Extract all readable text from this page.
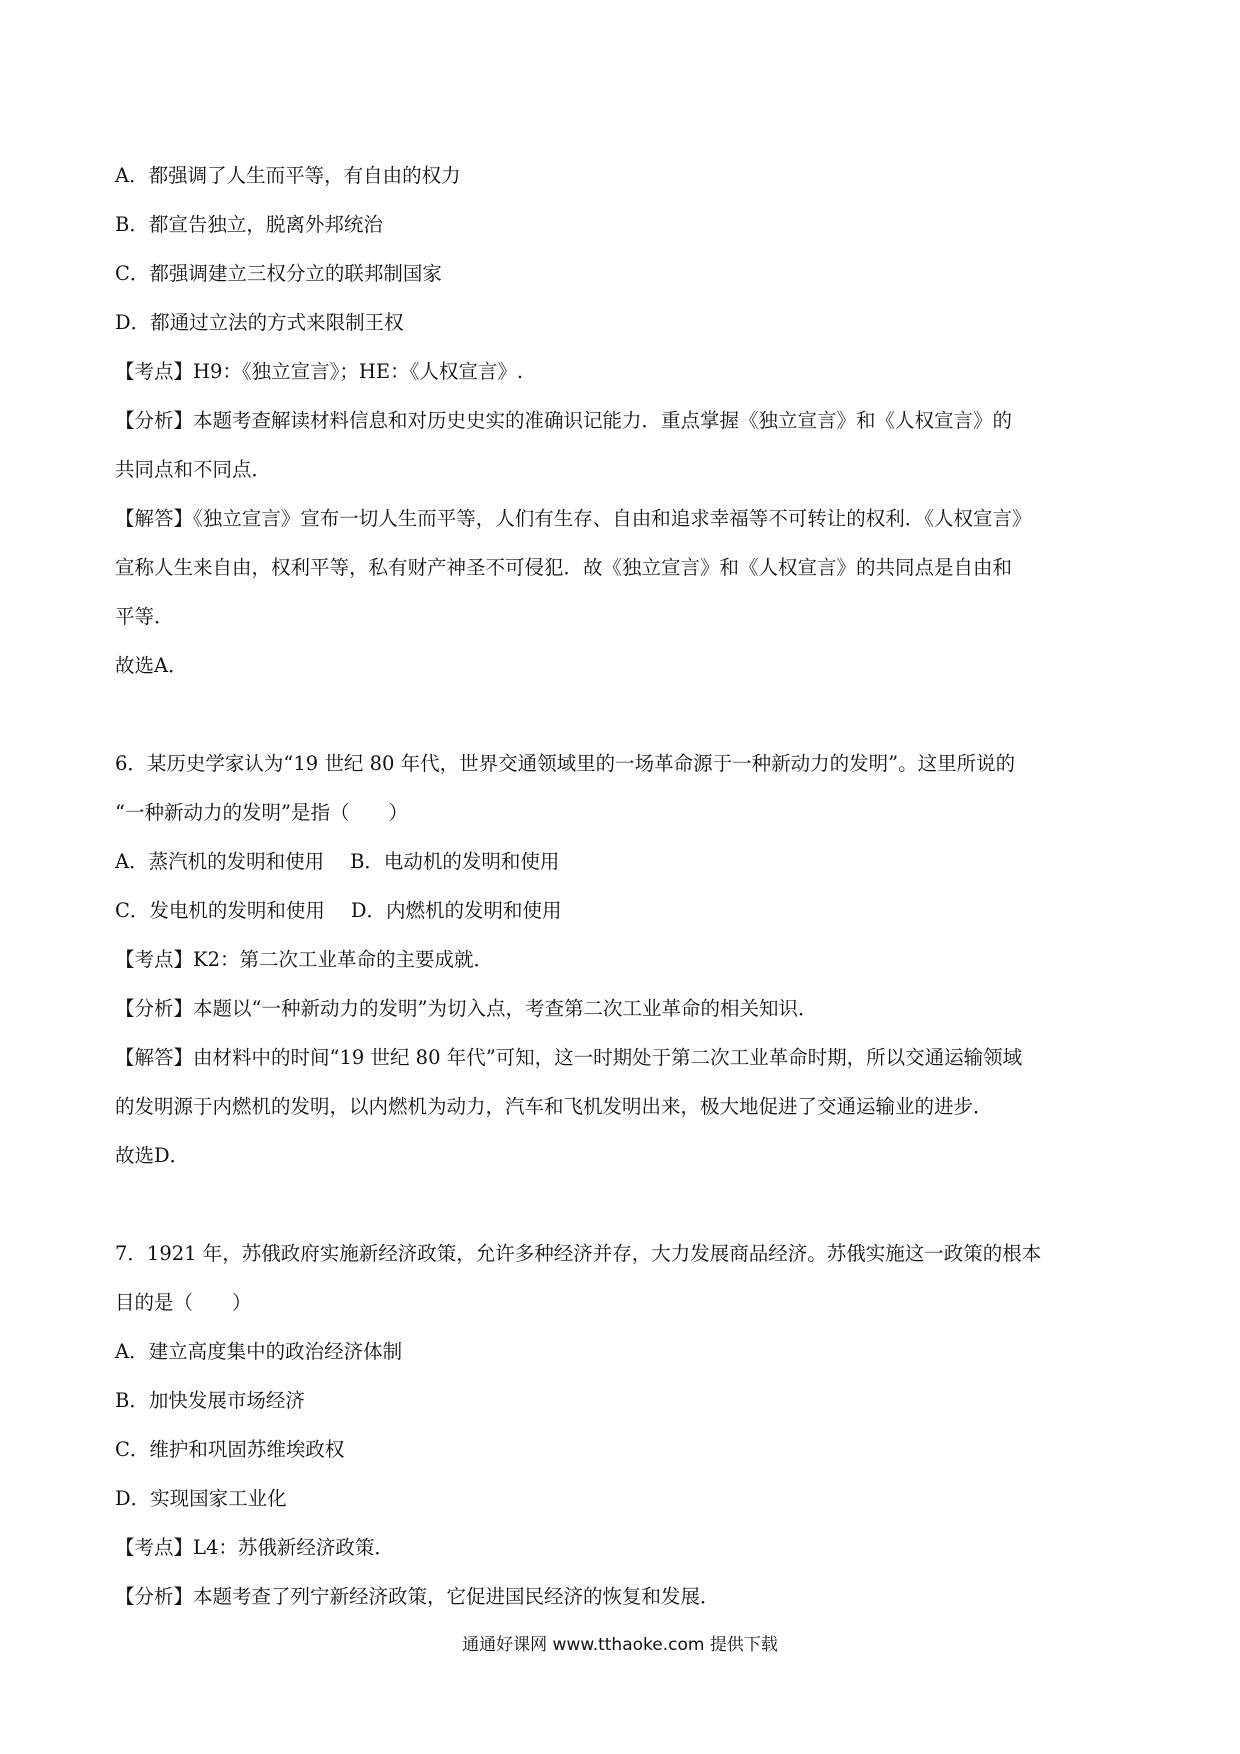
A．都强调了人生而平等，有自由的权力
B．都宣告独立，脱离外邦统治
C．都强调建立三权分立的联邦制国家
D．都通过立法的方式来限制王权
【考点】H9：《独立宣言》；HE：《人权宣言》.
【分析】本题考查解读材料信息和对历史史实的准确识记能力．重点掌握《独立宣言》和《人权宣言》的
共同点和不同点．
【解答】《独立宣言》宣布一切人生而平等，人们有生存、自由和追求幸福等不可转让的权利．《人权宣言》
宣称人生来自由，权利平等，私有财产神圣不可侵犯．故《独立宣言》和《人权宣言》的共同点是自由和
平等．
故选A．
6．某历史学家认为“19 世纪 80 年代，世界交通领域里的一场革命源于一种新动力的发明”。这里所说的
“一种新动力的发明”是指（　　）
A．蒸汽机的发明和使用 B．电动机的发明和使用
C．发电机的发明和使用 D．内燃机的发明和使用
【考点】K2：第二次工业革命的主要成就．
【分析】本题以“一种新动力的发明”为切入点，考查第二次工业革命的相关知识．
【解答】由材料中的时间“19 世纪 80 年代”可知，这一时期处于第二次工业革命时期，所以交通运输领域
的发明源于内燃机的发明，以内燃机为动力，汽车和飞机发明出来，极大地促进了交通运输业的进步．
故选D．
7．1921 年，苏俄政府实施新经济政策，允许多种经济并存，大力发展商品经济。苏俄实施这一政策的根本
目的是（　　）
A．建立高度集中的政治经济体制
B．加快发展市场经济
C．维护和巩固苏维埃政权
D．实现国家工业化
【考点】L4：苏俄新经济政策．
【分析】本题考查了列宁新经济政策，它促进国民经济的恢复和发展．
通通好课网 www.tthaoke.com 提供下载
